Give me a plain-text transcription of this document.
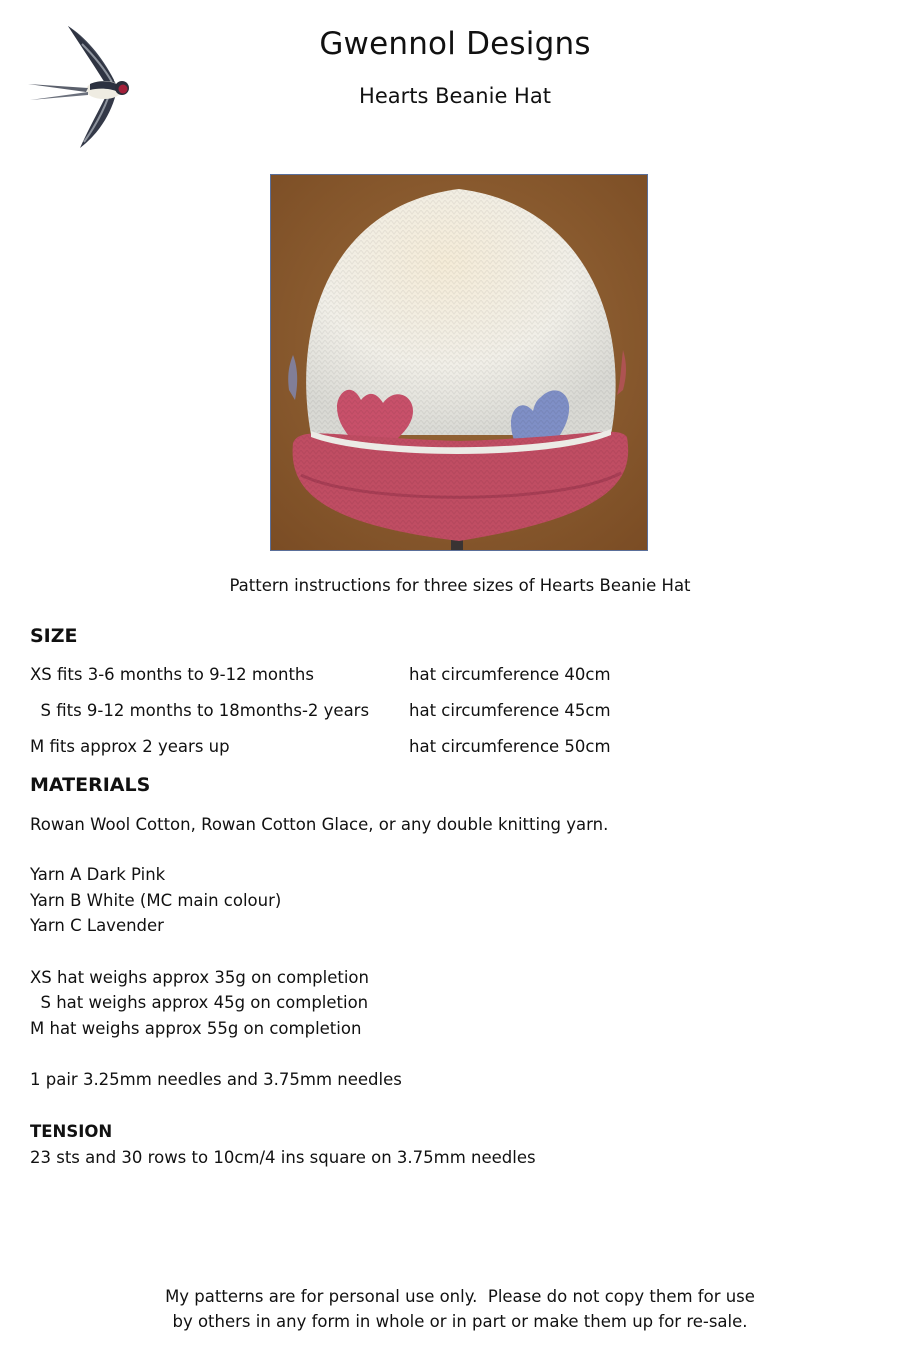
Gwennol Designs
Hearts Beanie Hat
Pattern instructions for three sizes of Hearts Beanie Hat
SIZE
XS fits 3-6 months to 9-12 months	hat circumference 40cm
S fits 9-12 months to 18months-2 years hat circumference 45cm
M fits approx 2 years up	hat circumference 50cm
MATERIALS
Rowan Wool Cotton, Rowan Cotton Glace, or any double knitting yarn.
Yarn A Dark Pink
Yarn B White (MC main colour)
Yarn C Lavender
XS hat weighs approx 35g on completion
S hat weighs approx 45g on completion
M hat weighs approx 55g on completion
1 pair 3.25mm needles and 3.75mm needles
TENSION
23 sts and 30 rows to 10cm/4 ins square on 3.75mm needles
My patterns are for personal use only.  Please do not copy them for use
by others in any form in whole or in part or make them up for re-sale.
